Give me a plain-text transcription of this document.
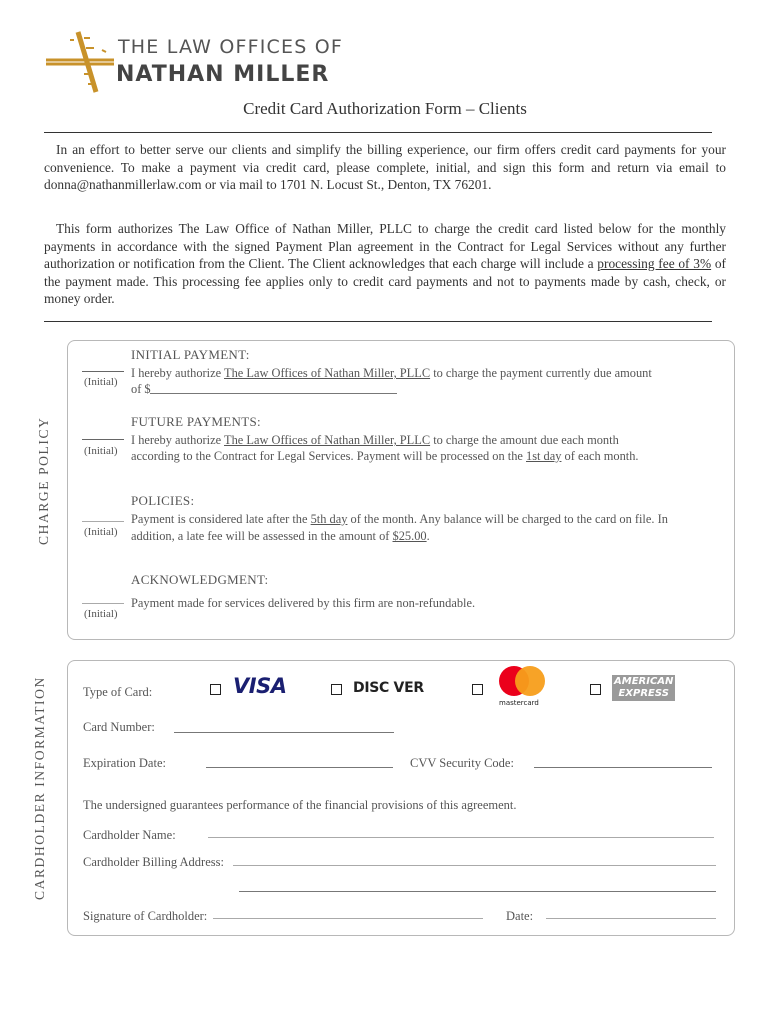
THE LAW OFFICES OF
NATHAN MILLER
Credit Card Authorization Form – Clients
In an effort to better serve our clients and simplify the billing experience, our firm offers credit card payments for your convenience. To make a payment via credit card, please complete, initial, and sign this form and return via email to donna@nathanmillerlaw.com or via mail to 1701 N. Locust St., Denton, TX 76201.
This form authorizes The Law Office of Nathan Miller, PLLC to charge the credit card listed below for the monthly payments in accordance with the signed Payment Plan agreement in the Contract for Legal Services without any further authorization or notification from the Client. The Client acknowledges that each charge will include a processing fee of 3% of the payment made. This processing fee applies only to credit card payments and not to payments made by cash, check, or money order.
CHARGE POLICY
INITIAL PAYMENT:
(Initial)
I hereby authorize The Law Offices of Nathan Miller, PLLC to charge the payment currently due amount
of $
FUTURE PAYMENTS:
(Initial)
I hereby authorize The Law Offices of Nathan Miller, PLLC to charge the amount due each month
according to the Contract for Legal Services. Payment will be processed on the 1st day of each month.
POLICIES:
(Initial)
Payment is considered late after the 5th day of the month. Any balance will be charged to the card on file. In
addition, a late fee will be assessed in the amount of $25.00.
ACKNOWLEDGMENT:
(Initial)
Payment made for services delivered by this firm are non-refundable.
CARDHOLDER INFORMATION	Type of Card:	VISA	DISC VER
mastercard
AMERICAN
EXPRESS
Card Number:
Expiration Date:	CVV Security Code:
The undersigned guarantees performance of the financial provisions of this agreement.
Cardholder Name:
Cardholder Billing Address:
Signature of Cardholder:	Date:
